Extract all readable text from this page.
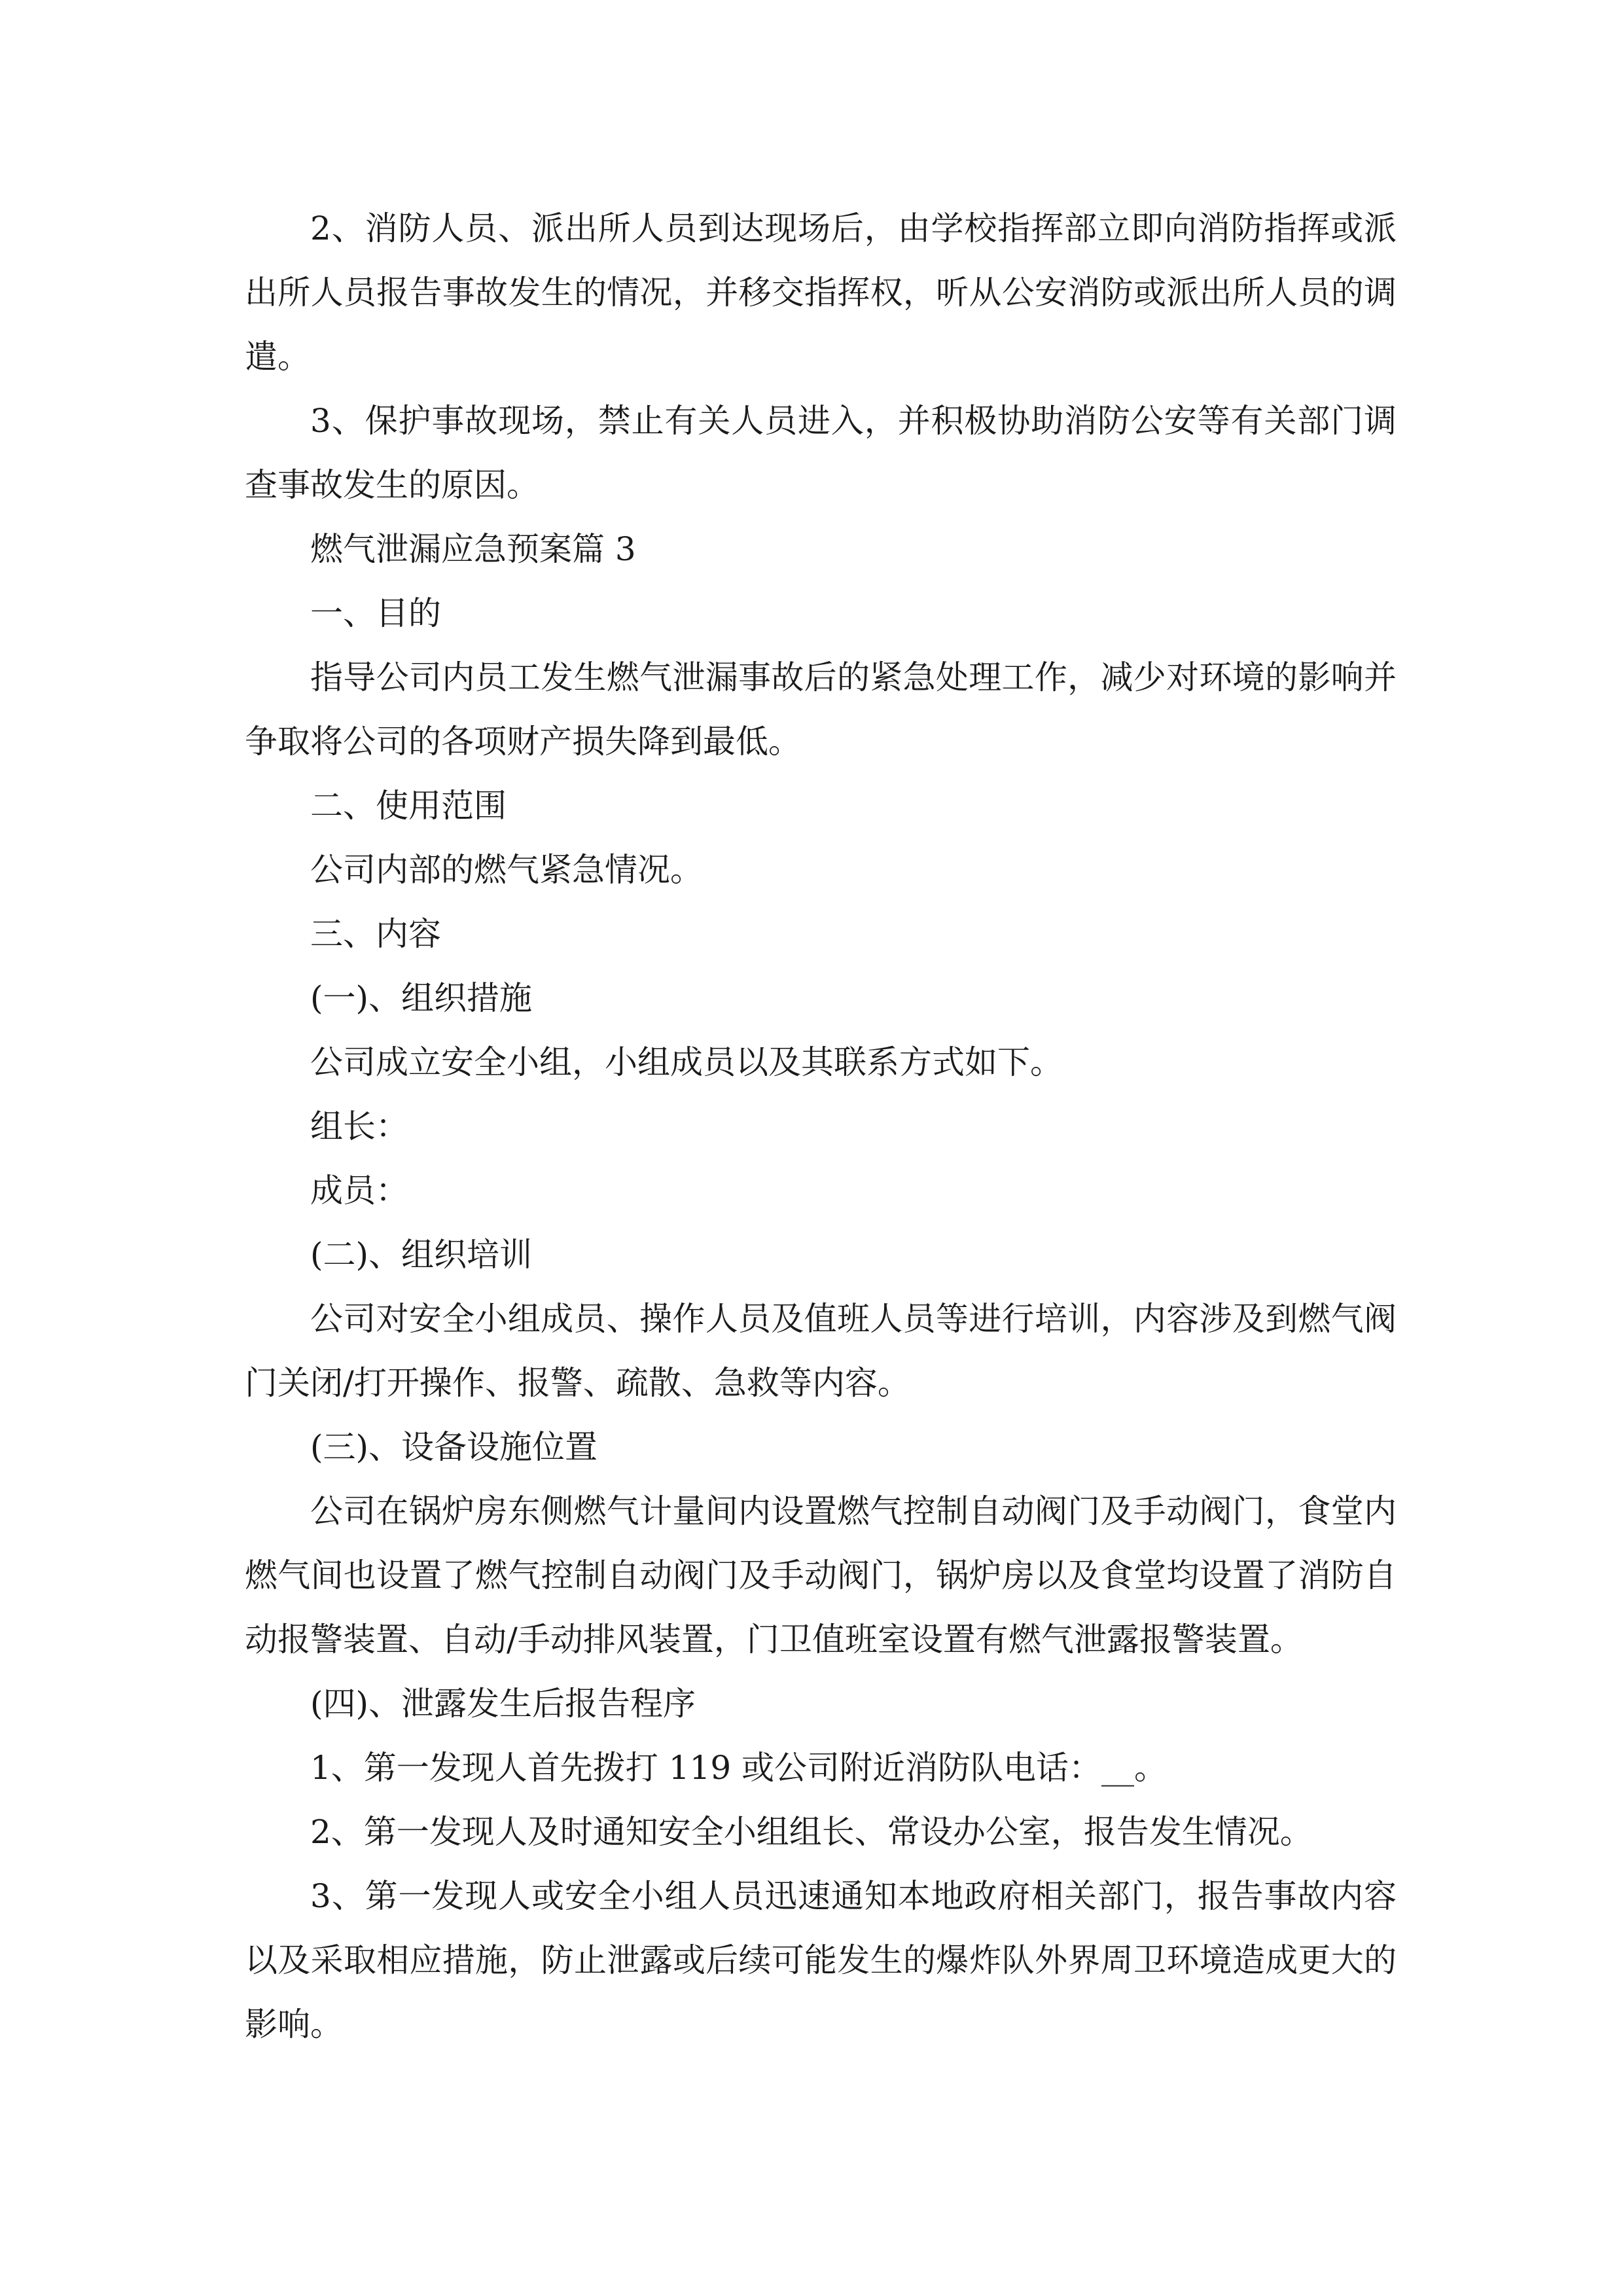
2、消防人员、派出所人员到达现场后，由学校指挥部立即向消防指挥或派出所人员报告事故发生的情况，并移交指挥权，听从公安消防或派出所人员的调遣。

3、保护事故现场，禁止有关人员进入，并积极协助消防公安等有关部门调查事故发生的原因。

燃气泄漏应急预案篇 3

一、目的

指导公司内员工发生燃气泄漏事故后的紧急处理工作，减少对环境的影响并争取将公司的各项财产损失降到最低。

二、使用范围

公司内部的燃气紧急情况。

三、内容

(一)、组织措施

公司成立安全小组，小组成员以及其联系方式如下。

组长：

成员：

(二)、组织培训

公司对安全小组成员、操作人员及值班人员等进行培训，内容涉及到燃气阀门关闭/打开操作、报警、疏散、急救等内容。

(三)、设备设施位置

公司在锅炉房东侧燃气计量间内设置燃气控制自动阀门及手动阀门，食堂内燃气间也设置了燃气控制自动阀门及手动阀门，锅炉房以及食堂均设置了消防自动报警装置、自动/手动排风装置，门卫值班室设置有燃气泄露报警装置。

(四)、泄露发生后报告程序

1、第一发现人首先拨打 119 或公司附近消防队电话：__。

2、第一发现人及时通知安全小组组长、常设办公室，报告发生情况。

3、第一发现人或安全小组人员迅速通知本地政府相关部门，报告事故内容以及采取相应措施，防止泄露或后续可能发生的爆炸队外界周卫环境造成更大的影响。
